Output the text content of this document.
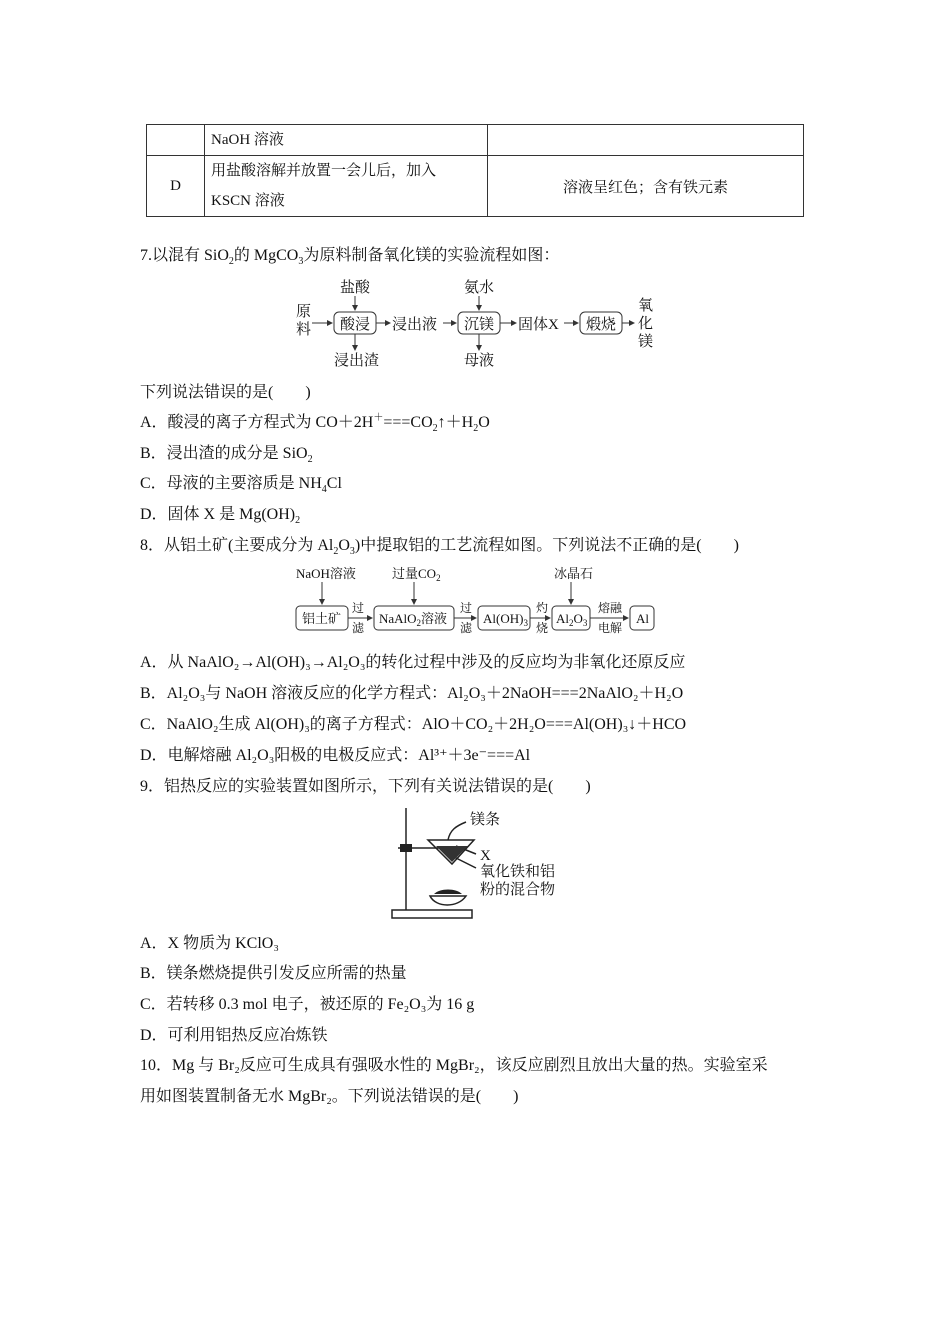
	NaOH 溶液	
D	用盐酸溶解并放置一会儿后，加入
KSCN 溶液	溶液呈红色；含有铁元素
7.以混有 SiO$_2$的 MgCO$_3$为原料制备氧化镁的实验流程如图：
原
料
盐酸
酸浸 浸出液
浸出渣
氨水
沉镁
母液
固体X 煅烧
氧
化
镁
下列说法错误的是(　　)
A．酸浸的离子方程式为 $CO+2H^+===CO_2↑+H_2O$
B．浸出渣的成分是 SiO$_2$
C．母液的主要溶质是 $NH_4Cl$
D．固体 X 是 $Mg(OH)_2$
8．从铝土矿(主要成分为 $Al_2O_3$)中提取铝的工艺流程如图。下列说法不正确的是(　　)
NaOH溶液	过量$CO_2$	冰晶石
铝土矿
过
滤
NaAlO$_2$溶液
过
滤
$Al(OH)_3$
灼
烧
$Al_2O_3$
熔融
电解
Al
A．从 NaAlO₂→Al(OH)₃→Al₂O₃的转化过程中涉及的反应均为非氧化还原反应
B．Al₂O₃与 NaOH 溶液反应的化学方程式：Al₂O₃＋2NaOH===2NaAlO₂＋H₂O
C．NaAlO₂生成 Al(OH)₃的离子方程式：AlO＋CO₂＋2H₂O===Al(OH)₃↓＋HCO
D．电解熔融 Al₂O₃阳极的电极反应式：Al³⁺＋3e⁻===Al
9．铝热反应的实验装置如图所示，下列有关说法错误的是(　　)
镁条
X
氧化铁和铝
粉的混合物
A．X 物质为 KClO₃
B．镁条燃烧提供引发反应所需的热量
C．若转移 0.3 mol 电子，被还原的 Fe₂O₃为 16 g
D．可利用铝热反应冶炼铁
10．Mg 与 Br₂反应可生成具有强吸水性的 MgBr₂，该反应剧烈且放出大量的热。实验室采
用如图装置制备无水 MgBr₂。下列说法错误的是(　　)
